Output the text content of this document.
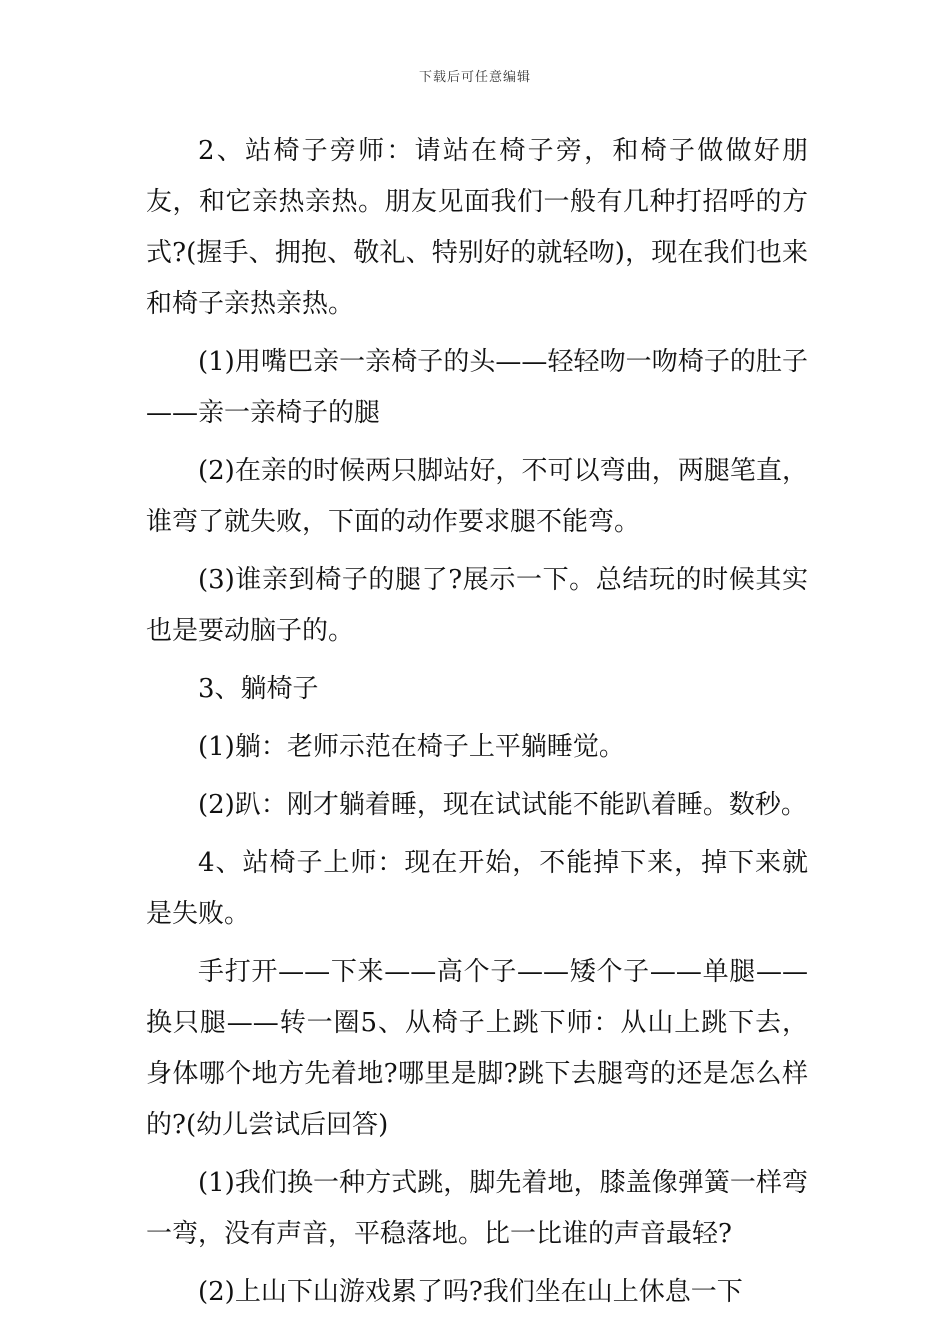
下载后可任意编辑

2、站椅子旁师：请站在椅子旁，和椅子做做好朋友，和它亲热亲热。朋友见面我们一般有几种打招呼的方式?(握手、拥抱、敬礼、特别好的就轻吻)，现在我们也来和椅子亲热亲热。

(1)用嘴巴亲一亲椅子的头——轻轻吻一吻椅子的肚子——亲一亲椅子的腿

(2)在亲的时候两只脚站好，不可以弯曲，两腿笔直，谁弯了就失败，下面的动作要求腿不能弯。

(3)谁亲到椅子的腿了?展示一下。总结玩的时候其实也是要动脑子的。

3、躺椅子

(1)躺：老师示范在椅子上平躺睡觉。

(2)趴：刚才躺着睡，现在试试能不能趴着睡。数秒。

4、站椅子上师：现在开始，不能掉下来，掉下来就是失败。

手打开——下来——高个子——矮个子——单腿——换只腿——转一圈5、从椅子上跳下师：从山上跳下去，身体哪个地方先着地?哪里是脚?跳下去腿弯的还是怎么样的?(幼儿尝试后回答)

(1)我们换一种方式跳，脚先着地，膝盖像弹簧一样弯一弯，没有声音，平稳落地。比一比谁的声音最轻?

(2)上山下山游戏累了吗?我们坐在山上休息一下
